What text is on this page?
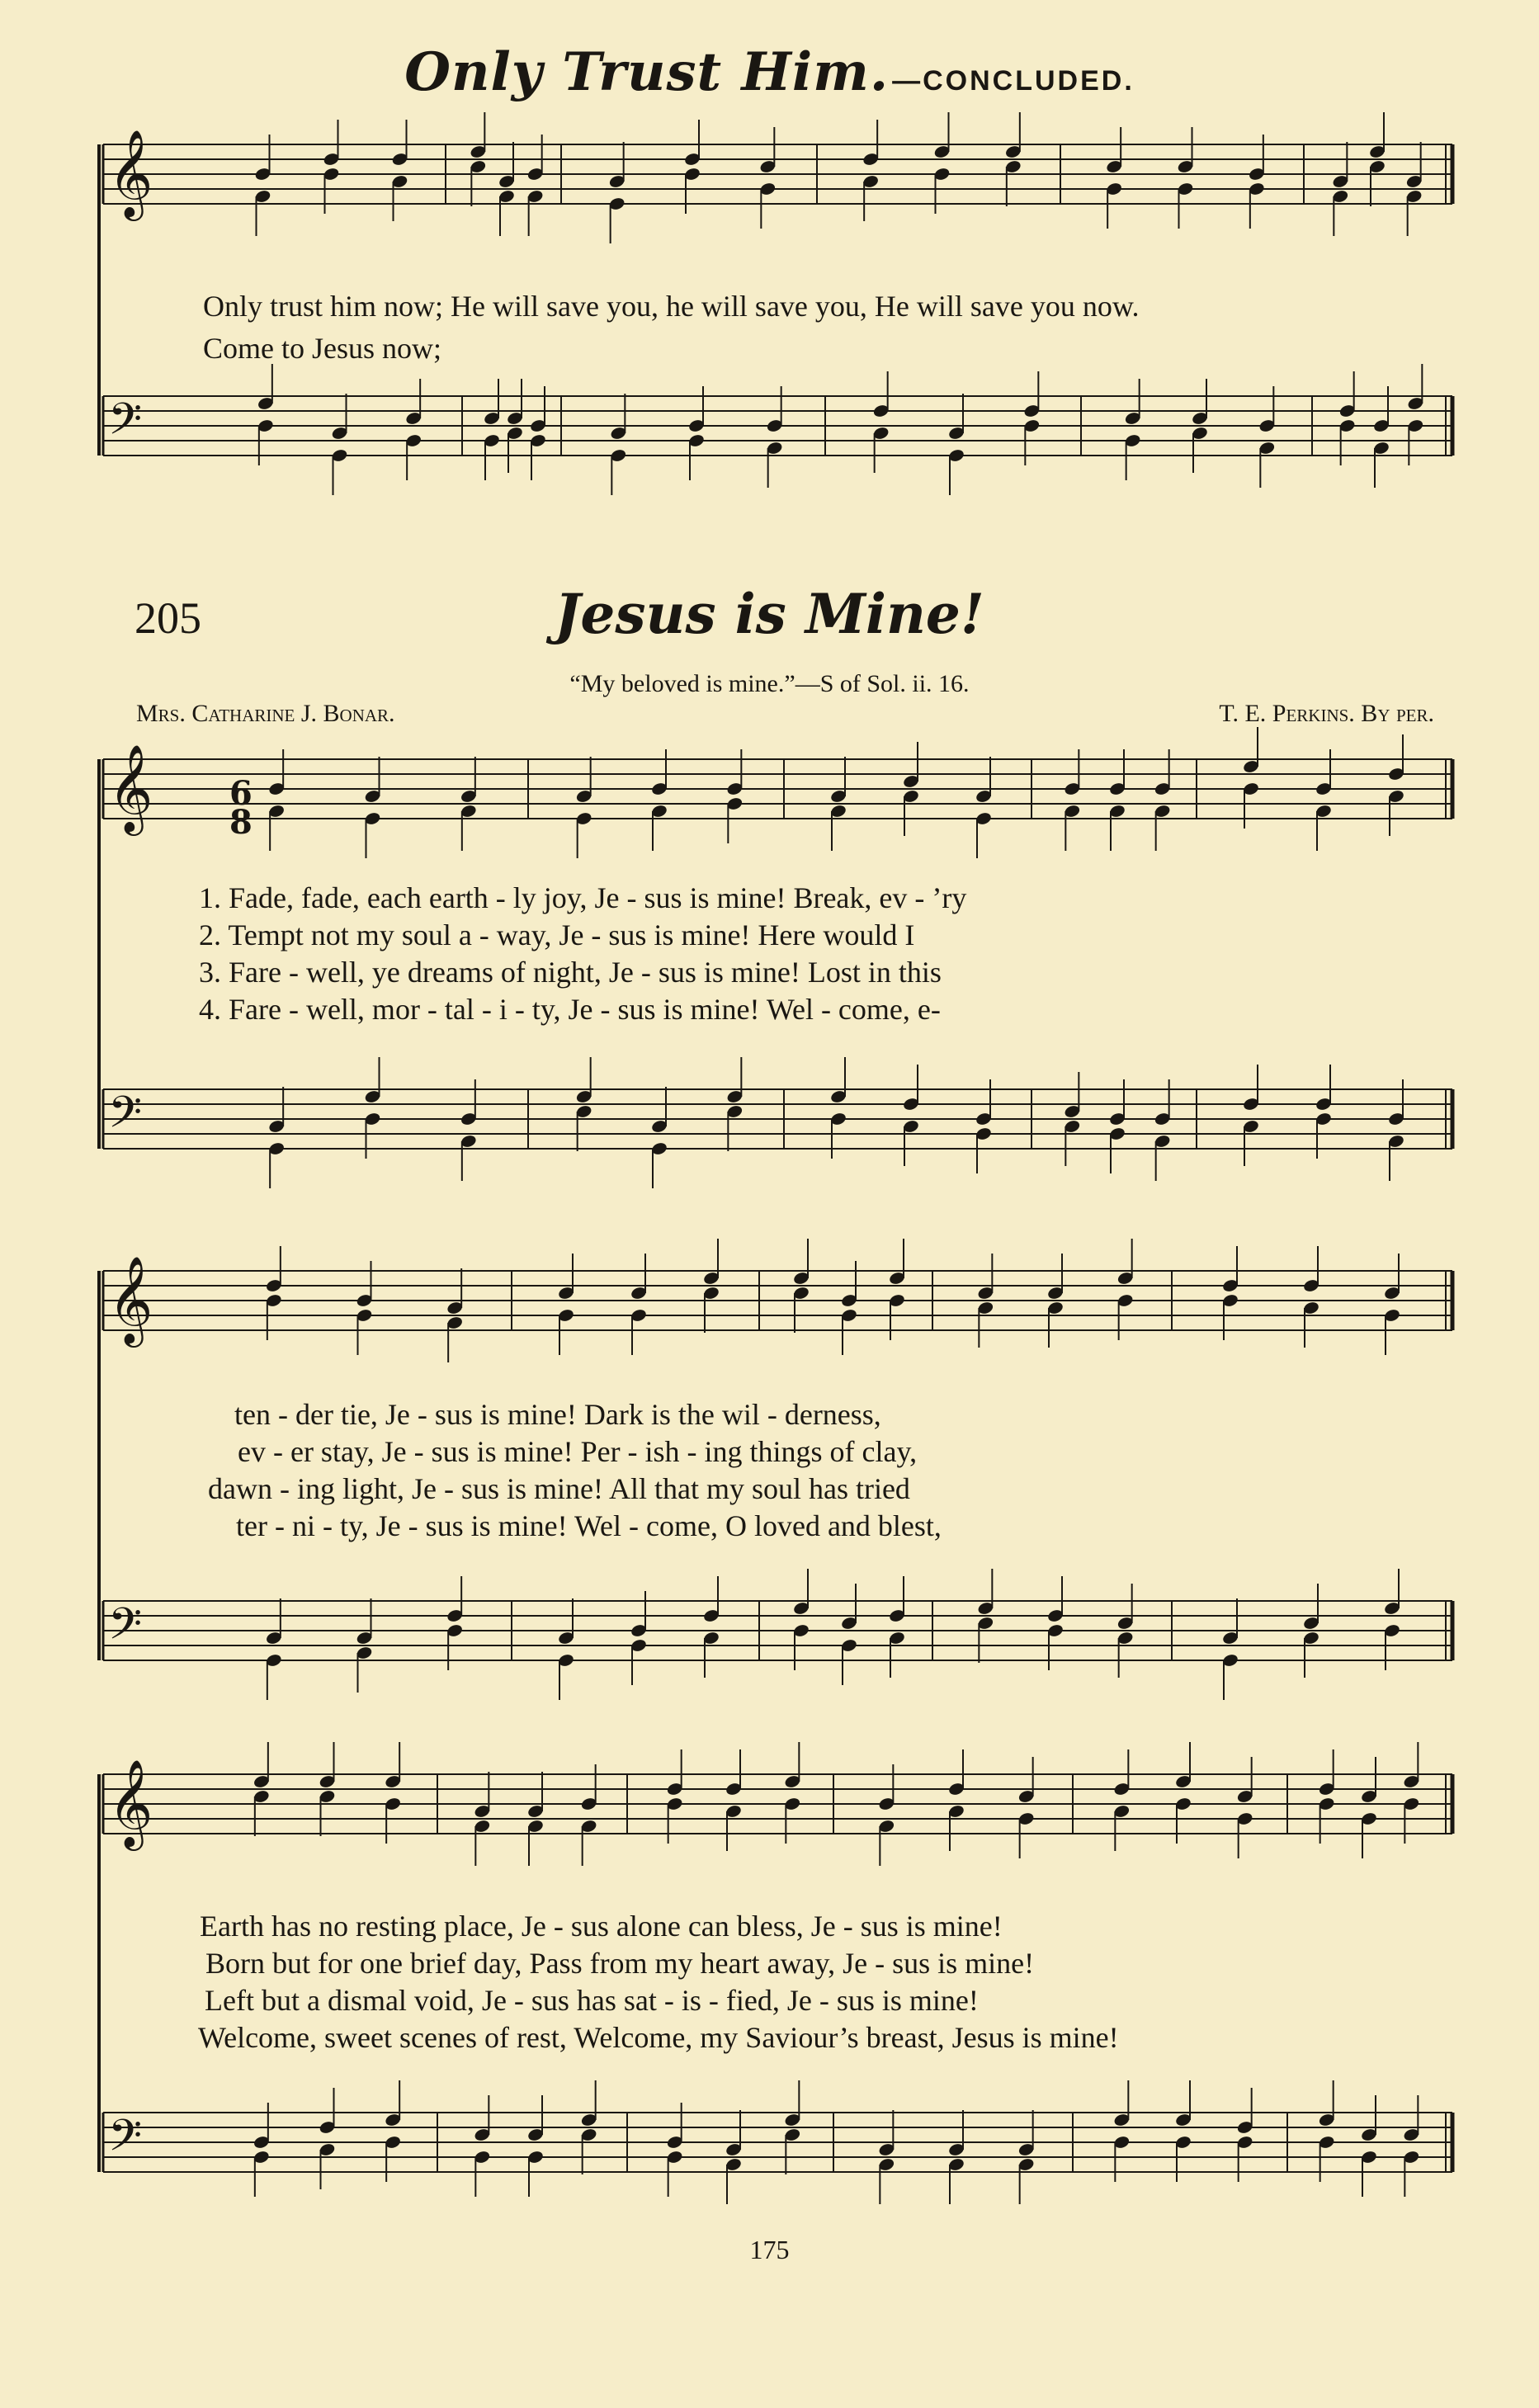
Only Trust Him. —CONCLUDED.
𝄞
𝄢
𝄞
𝄢
6
8
𝄞
𝄢
𝄞
𝄢
Only trust him now; He will save you, he will save you, He will save you now.
Come to Jesus now;
205	Jesus is Mine!
“My beloved is mine.”—S of Sol. ii. 16.
Mrs. Catharine J. Bonar.	T. E. Perkins. By per.
1. Fade, fade, each earth - ly joy, Je - sus is mine! Break, ev - ’ry
2. Tempt not my soul a - way, Je - sus is mine! Here would I
3. Fare - well, ye dreams of night, Je - sus is mine! Lost in this
4. Fare - well, mor - tal - i - ty, Je - sus is mine! Wel - come, e-
ten - der tie, Je - sus is mine! Dark is the wil - derness,
ev - er stay, Je - sus is mine! Per - ish - ing things of clay,
dawn - ing light, Je - sus is mine! All that my soul has tried
ter - ni - ty, Je - sus is mine! Wel - come, O loved and blest,
Earth has no resting place, Je - sus alone can bless, Je - sus is mine!
Born but for one brief day, Pass from my heart away, Je - sus is mine!
Left but a dismal void, Je - sus has sat - is - fied, Je - sus is mine!
Welcome, sweet scenes of rest, Welcome, my Saviour’s breast, Jesus is mine!
175
